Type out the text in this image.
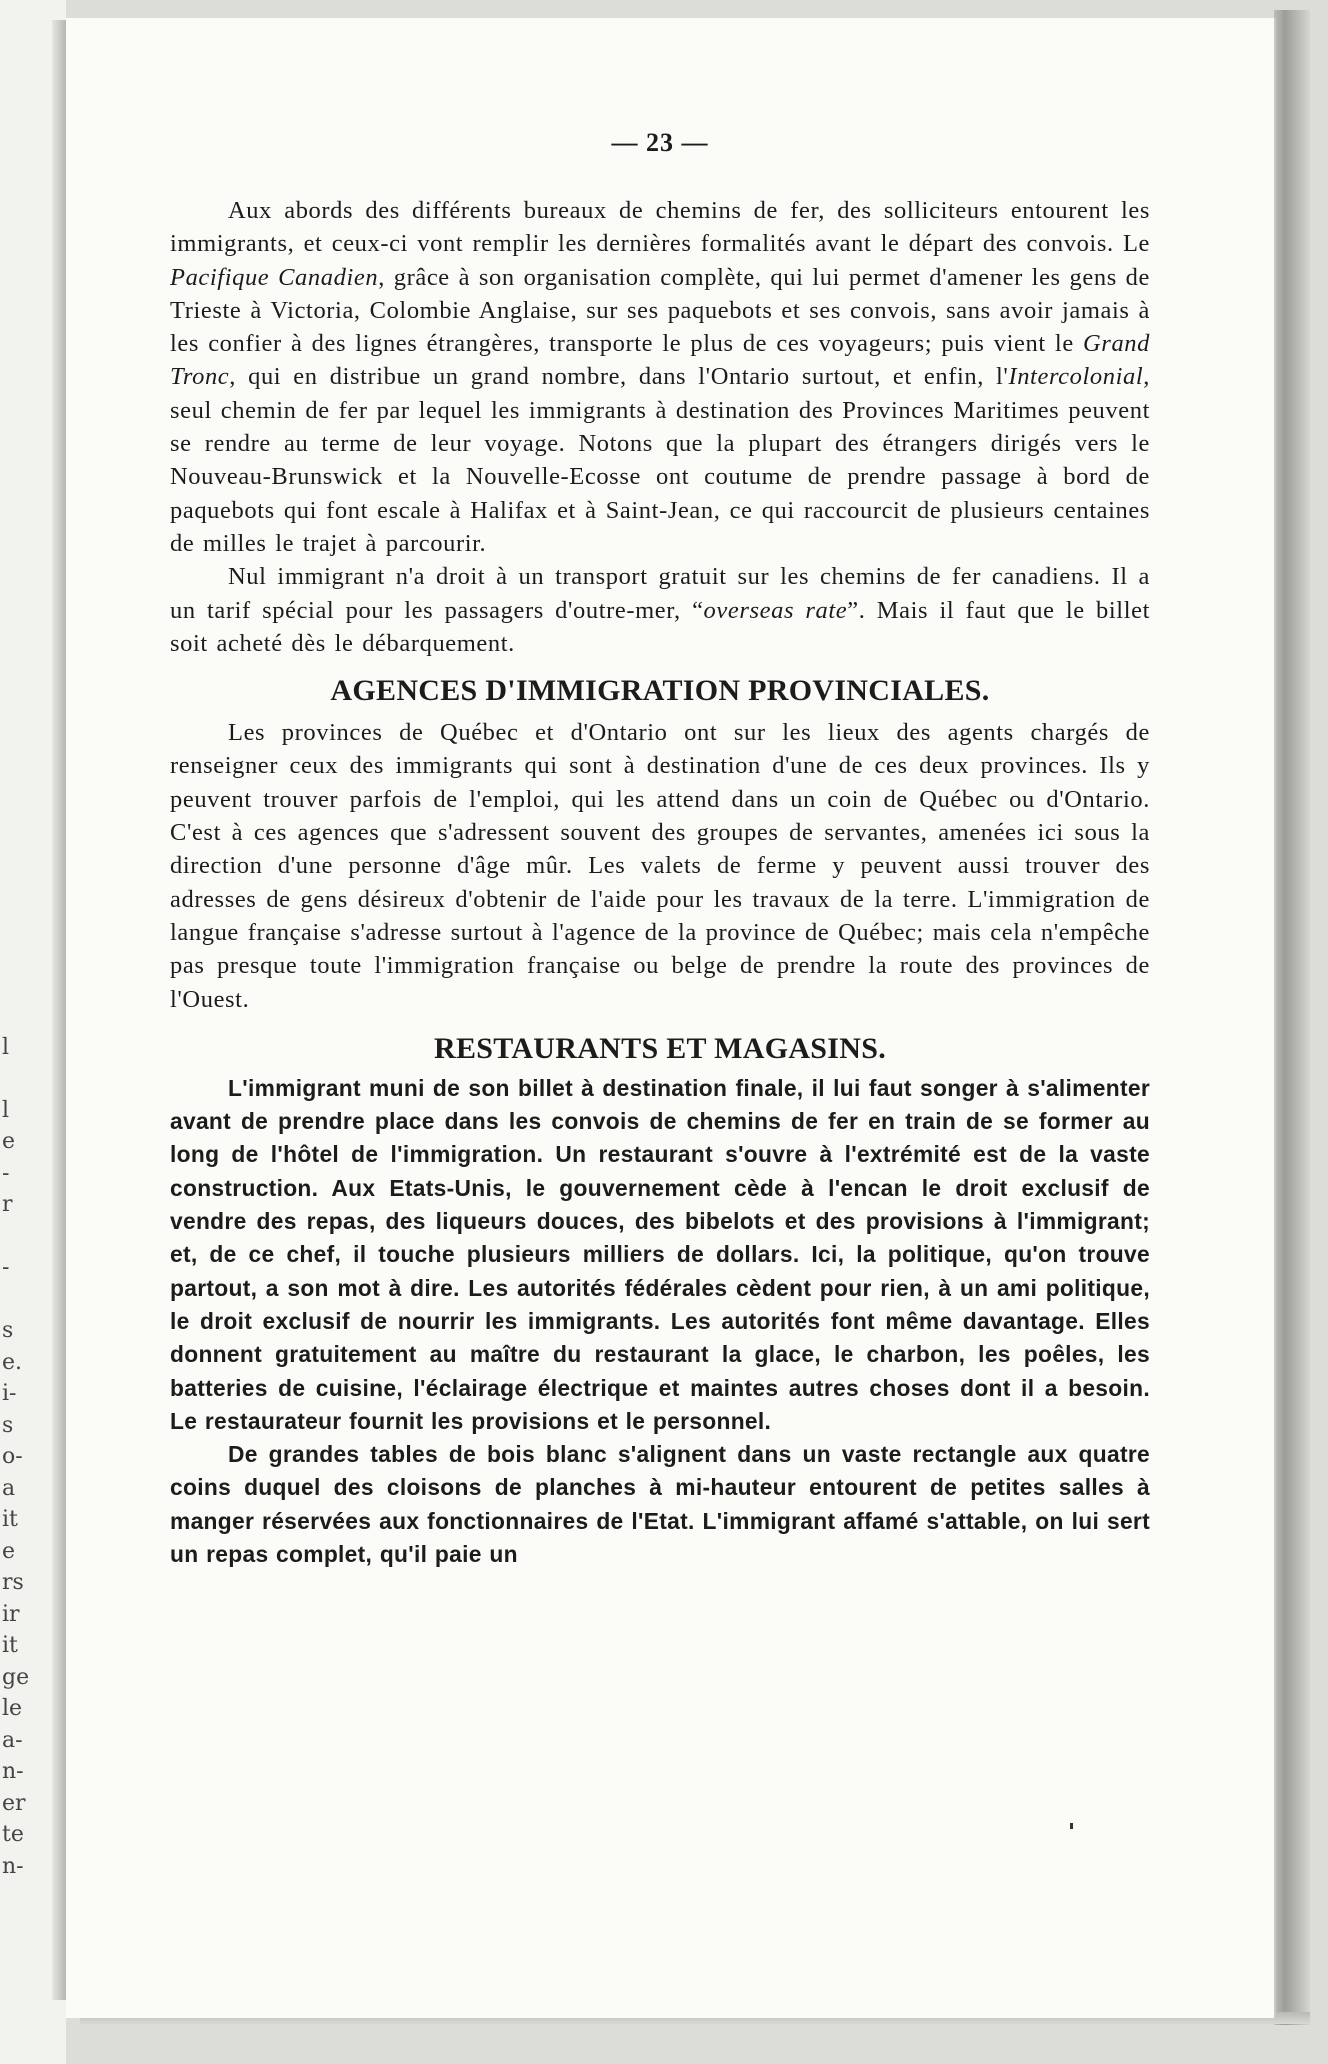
l
l
e
-
r
-
s
e.
i-
s
o-
a
it
e
rs
ir
it
ge
le
a-
n-
er
te
n-
— 23 —

Aux abords des différents bureaux de chemins de fer, des solliciteurs entourent les immigrants, et ceux-ci vont remplir les dernières formalités avant le départ des convois. Le Pacifique Canadien, grâce à son organisation complète, qui lui permet d'amener les gens de Trieste à Victoria, Colombie Anglaise, sur ses paquebots et ses convois, sans avoir jamais à les confier à des lignes étrangères, transporte le plus de ces voyageurs; puis vient le Grand Tronc, qui en distribue un grand nombre, dans l'Ontario surtout, et enfin, l'Intercolonial, seul chemin de fer par lequel les immigrants à destination des Provinces Maritimes peuvent se rendre au terme de leur voyage. Notons que la plupart des étrangers dirigés vers le Nouveau-Brunswick et la Nouvelle-Ecosse ont coutume de prendre passage à bord de paquebots qui font escale à Halifax et à Saint-Jean, ce qui raccourcit de plusieurs centaines de milles le trajet à parcourir.

Nul immigrant n'a droit à un transport gratuit sur les chemins de fer canadiens. Il a un tarif spécial pour les passagers d'outre-mer, “overseas rate”. Mais il faut que le billet soit acheté dès le débarquement.

AGENCES D'IMMIGRATION PROVINCIALES.

Les provinces de Québec et d'Ontario ont sur les lieux des agents chargés de renseigner ceux des immigrants qui sont à destination d'une de ces deux provinces. Ils y peuvent trouver parfois de l'emploi, qui les attend dans un coin de Québec ou d'Ontario. C'est à ces agences que s'adressent souvent des groupes de servantes, amenées ici sous la direction d'une personne d'âge mûr. Les valets de ferme y peuvent aussi trouver des adresses de gens désireux d'obtenir de l'aide pour les travaux de la terre. L'immigration de langue française s'adresse surtout à l'agence de la province de Québec; mais cela n'empêche pas presque toute l'immigration française ou belge de prendre la route des provinces de l'Ouest.

RESTAURANTS ET MAGASINS.

L'immigrant muni de son billet à destination finale, il lui faut songer à s'alimenter avant de prendre place dans les convois de chemins de fer en train de se former au long de l'hôtel de l'immigration. Un restaurant s'ouvre à l'extrémité est de la vaste construction. Aux Etats-Unis, le gouvernement cède à l'encan le droit exclusif de vendre des repas, des liqueurs douces, des bibelots et des provisions à l'immigrant; et, de ce chef, il touche plusieurs milliers de dollars. Ici, la politique, qu'on trouve partout, a son mot à dire. Les autorités fédérales cèdent pour rien, à un ami politique, le droit exclusif de nourrir les immigrants. Les autorités font même davantage. Elles donnent gratuitement au maître du restaurant la glace, le charbon, les poêles, les batteries de cuisine, l'éclairage électrique et maintes autres choses dont il a besoin. Le restaurateur fournit les provisions et le personnel.

De grandes tables de bois blanc s'alignent dans un vaste rectangle aux quatre coins duquel des cloisons de planches à mi-hauteur entourent de petites salles à manger réservées aux fonctionnaires de l'Etat. L'immigrant affamé s'attable, on lui sert un repas complet, qu'il paie un
